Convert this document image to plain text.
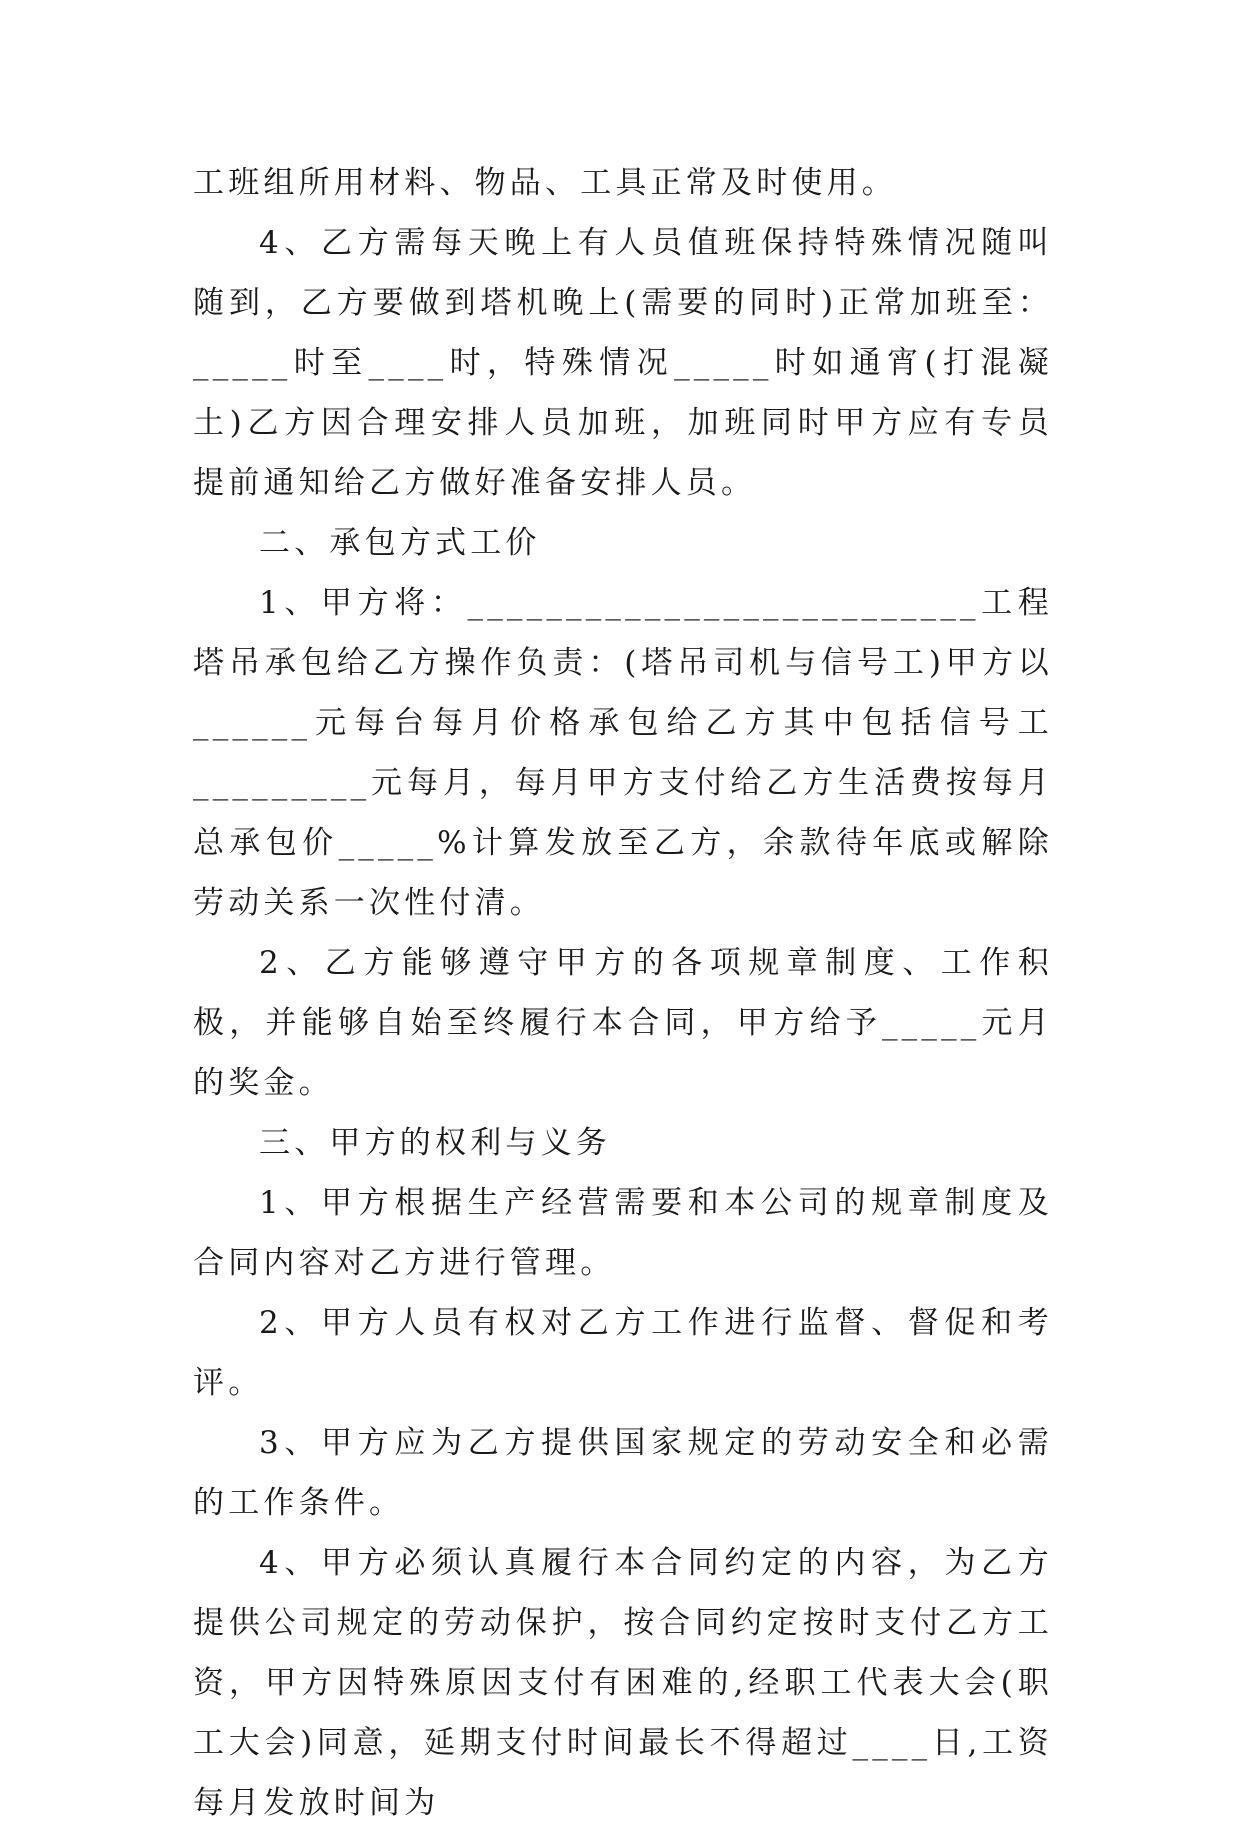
工班组所用材料、物品、工具正常及时使用。

4、乙方需每天晚上有人员值班保持特殊情况随叫随到，乙方要做到塔机晚上(需要的同时)正常加班至：_____时至____时，特殊情况_____时如通宵(打混凝土)乙方因合理安排人员加班，加班同时甲方应有专员提前通知给乙方做好准备安排人员。

二、承包方式工价

1、甲方将：__________________________工程塔吊承包给乙方操作负责：(塔吊司机与信号工)甲方以______元每台每月价格承包给乙方其中包括信号工_________元每月，每月甲方支付给乙方生活费按每月总承包价_____%计算发放至乙方，余款待年底或解除劳动关系一次性付清。

2、乙方能够遵守甲方的各项规章制度、工作积极，并能够自始至终履行本合同，甲方给予_____元月的奖金。

三、甲方的权利与义务

1、甲方根据生产经营需要和本公司的规章制度及合同内容对乙方进行管理。

2、甲方人员有权对乙方工作进行监督、督促和考评。

3、甲方应为乙方提供国家规定的劳动安全和必需的工作条件。

4、甲方必须认真履行本合同约定的内容，为乙方提供公司规定的劳动保护，按合同约定按时支付乙方工资，甲方因特殊原因支付有困难的,经职工代表大会(职工大会)同意，延期支付时间最长不得超过____日,工资每月发放时间为
